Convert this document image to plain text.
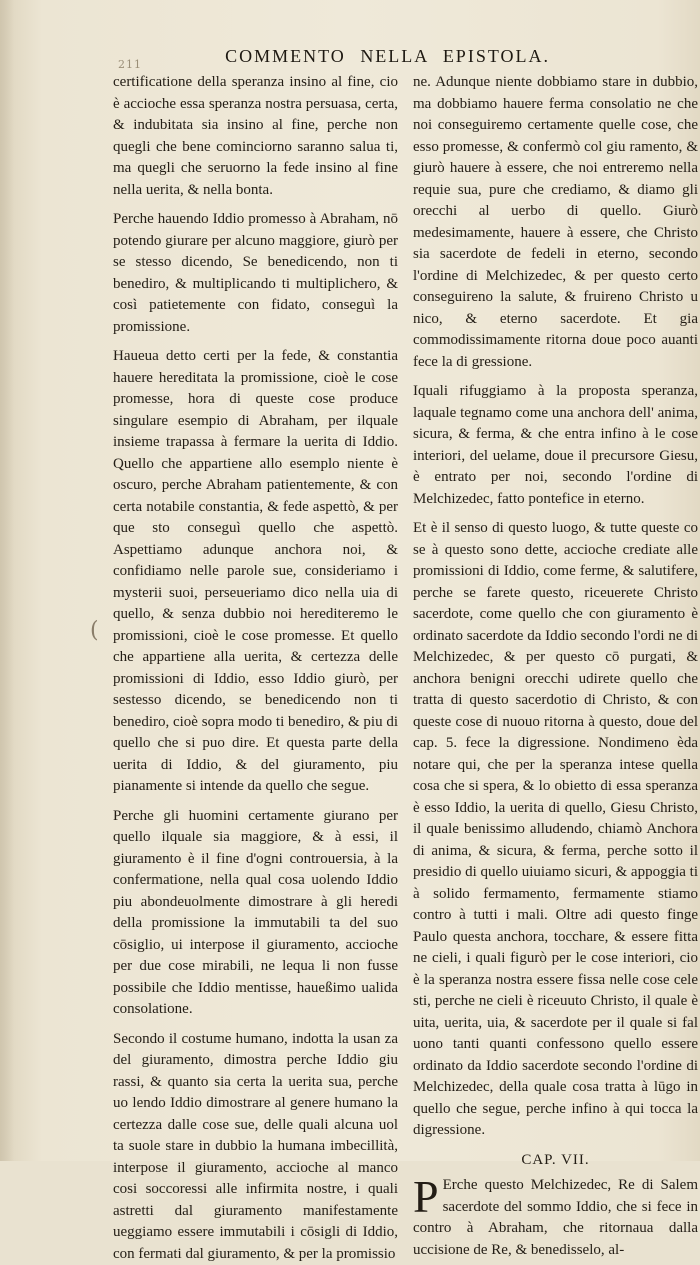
211	COMMENTO NELLA EPISTOLA.

certificatione della speranza insino al fine, cio è accioche essa speranza nostra persuasa, certa, & indubitata sia insino al fine, perche non quegli che bene cominciorno saranno salua ti, ma quegli che seruorno la fede insino al fine nella uerita, & nella bonta.

Perche hauendo Iddio promesso à Abraham, nō potendo giurare per alcuno maggiore, giurò per se stesso dicendo, Se benedicendo, non ti benediro, & multiplicando ti multiplichero, & così patietemente con fidato, conseguì la promissione.

Haueua detto certi per la fede, & constantia hauere hereditata la promissione, cioè le cose promesse, hora di queste cose produce singulare esempio di Abraham, per ilquale insieme trapassa à fermare la uerita di Iddio. Quello che appartiene allo esemplo niente è oscuro, perche Abraham patientemente, & con certa notabile constantia, & fede aspettò, & per que sto conseguì quello che aspettò. Aspettiamo adunque anchora noi, & confidiamo nelle parole sue, consideriamo i mysterii suoi, perseueriamo dico nella uia di quello, & senza dubbio noi herediteremo le promissioni, cioè le cose promesse. Et quello che appartiene alla uerita, & certezza delle promissioni di Iddio, esso Iddio giurò, per sestesso dicendo, se benedicendo non ti benediro, cioè sopra modo ti benediro, & piu di quello che si puo dire. Et questa parte della uerita di Iddio, & del giuramento, piu pianamente si intende da quello che segue.

Perche gli huomini certamente giurano per quello ilquale sia maggiore, & à essi, il giuramento è il fine d'ogni controuersia, à la confermatione, nella qual cosa uolendo Iddio piu abondeuolmente dimostrare à gli heredi della promissione la immutabili ta del suo cōsiglio, ui interpose il giuramento, accioche per due cose mirabili, ne lequa li non fusse possibile che Iddio mentisse, haueßimo ualida consolatione.

Secondo il costume humano, indotta la usan za del giuramento, dimostra perche Iddio giu rassi, & quanto sia certa la uerita sua, perche uo lendo Iddio dimostrare al genere humano la certezza dalle cose sue, delle quali alcuna uol ta suole stare in dubbio la humana imbecillità, interpose il giuramento, accioche al manco cosi soccoressi alle infirmita nostre, i quali astretti dal giuramento manifestamente ueggiamo essere immutabili i cōsigli di Iddio, con fermati dal giuramento, & per la promissio

ne. Adunque niente dobbiamo stare in dubbio, ma dobbiamo hauere ferma consolatio ne che noi conseguiremo certamente quelle cose, che esso promesse, & confermò col giu ramento, & giurò hauere à essere, che noi entreremo nella requie sua, pure che crediamo, & diamo gli orecchi al uerbo di quello. Giurò medesimamente, hauere à essere, che Christo sia sacerdote de fedeli in eterno, secondo l'ordine di Melchizedec, & per questo certo conseguireno la salute, & fruireno Christo u nico, & eterno sacerdote. Et gia commodissimamente ritorna doue poco auanti fece la di gressione.

Iquali rifuggiamo à la proposta speranza, laquale tegnamo come una anchora dell' anima, sicura, & ferma, & che entra infino à le cose interiori, del uelame, doue il precursore Giesu, è entrato per noi, secondo l'ordine di Melchizedec, fatto pontefice in eterno.

Et è il senso di questo luogo, & tutte queste co se à questo sono dette, accioche crediate alle promissioni di Iddio, come ferme, & salutifere, perche se farete questo, riceuerete Christo sacerdote, come quello che con giuramento è ordinato sacerdote da Iddio secondo l'ordi ne di Melchizedec, & per questo cō purgati, & anchora benigni orecchi udirete quello che tratta di questo sacerdotio di Christo, & con queste cose di nuouo ritorna à questo, doue del cap. 5. fece la digressione. Nondimeno èda notare qui, che per la speranza intese quella cosa che si spera, & lo obietto di essa speranza è esso Iddio, la uerita di quello, Giesu Christo, il quale benissimo alludendo, chiamò Anchora di anima, & sicura, & ferma, perche sotto il presidio di quello uiuiamo sicuri, & appoggia ti à solido fermamento, fermamente stiamo contro à tutti i mali. Oltre adi questo finge Paulo questa anchora, tocchare, & essere fitta ne cieli, i quali figurò per le cose interiori, cio è la speranza nostra essere fissa nelle cose cele sti, perche ne cieli è riceuuto Christo, il quale è uita, uerita, uia, & sacerdote per il quale si fal uono tanti quanti confessono quello essere ordinato da Iddio sacerdote secondo l'ordine di Melchizedec, della quale cosa tratta à lūgo in quello che segue, perche infino à qui tocca la digressione.

CAP. VII.

P Erche questo Melchizedec, Re di Salem sacerdote del sommo Iddio, che si fece in contro à Abraham, che ritornaua dalla uccisione de Re, & benedisselo, al-

(
